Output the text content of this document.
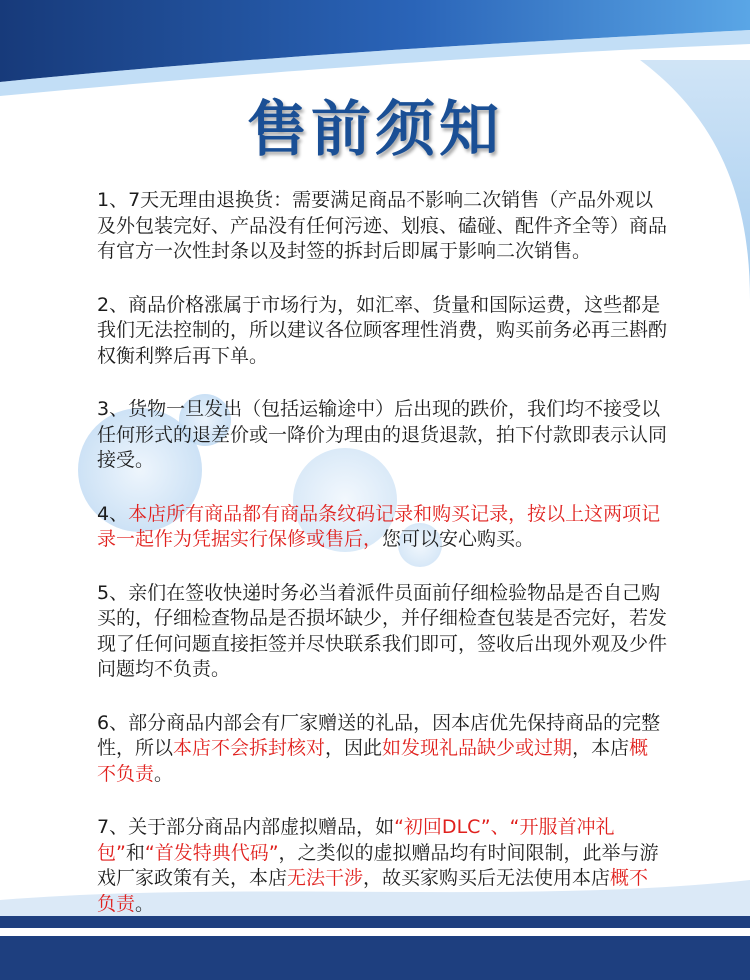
售前须知

1、7天无理由退换货：需要满足商品不影响二次销售（产品外观以及外包装完好、产品没有任何污迹、划痕、磕碰、配件齐全等）商品有官方一次性封条以及封签的拆封后即属于影响二次销售。

2、商品价格涨属于市场行为，如汇率、货量和国际运费，这些都是我们无法控制的，所以建议各位顾客理性消费，购买前务必再三斟酌权衡利弊后再下单。

3、货物一旦发出（包括运输途中）后出现的跌价，我们均不接受以任何形式的退差价或一降价为理由的退货退款，拍下付款即表示认同接受。

4、本店所有商品都有商品条纹码记录和购买记录，按以上这两项记录一起作为凭据实行保修或售后，您可以安心购买。

5、亲们在签收快递时务必当着派件员面前仔细检验物品是否自己购买的，仔细检查物品是否损坏缺少，并仔细检查包装是否完好，若发现了任何问题直接拒签并尽快联系我们即可，签收后出现外观及少件问题均不负责。

6、部分商品内部会有厂家赠送的礼品，因本店优先保持商品的完整性，所以本店不会拆封核对，因此如发现礼品缺少或过期，本店概不负责。

7、关于部分商品内部虚拟赠品，如“初回DLC”、“开服首冲礼包”和“首发特典代码”，之类似的虚拟赠品均有时间限制，此举与游戏厂家政策有关，本店无法干涉，故买家购买后无法使用本店概不负责。
